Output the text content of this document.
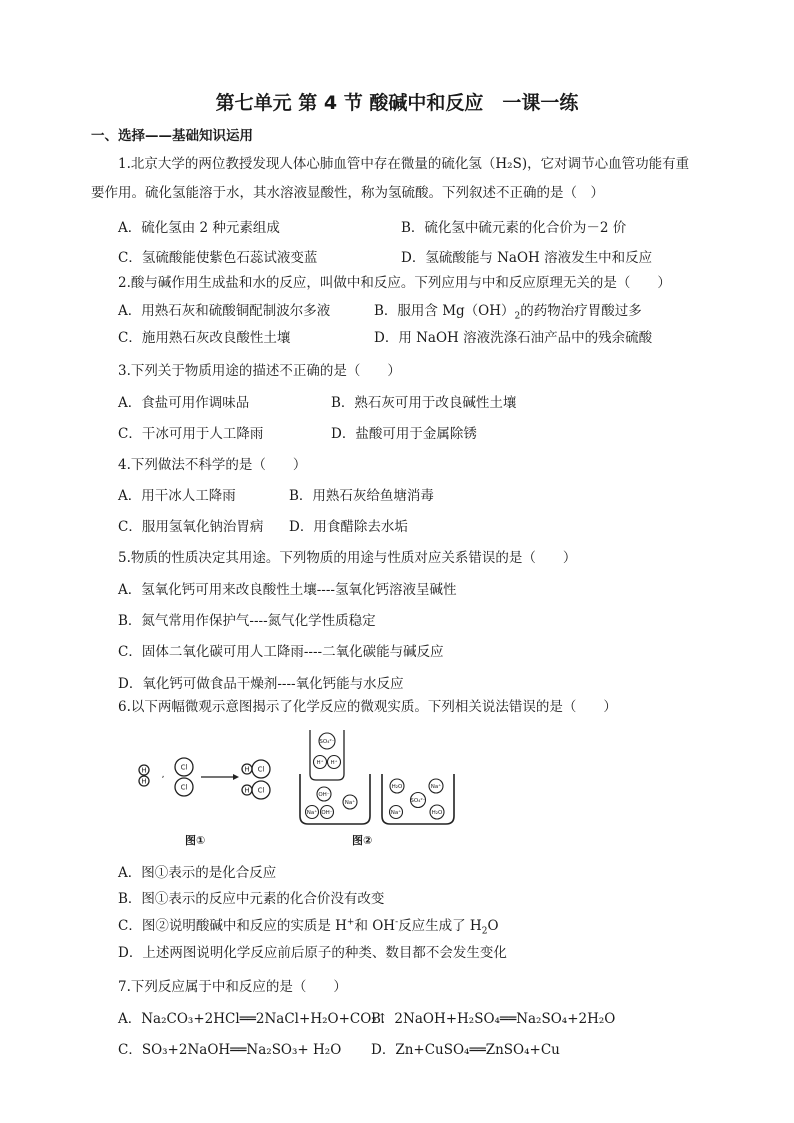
第七单元 第 4 节 酸碱中和反应　一课一练
一、选择——基础知识运用
1.北京大学的两位教授发现人体心肺血管中存在微量的硫化氢（H₂S)，它对调节心血管功能有重
要作用。硫化氢能溶于水，其水溶液显酸性，称为氢硫酸。下列叙述不正确的是（　）
A．硫化氢由 2 种元素组成	B．硫化氢中硫元素的化合价为－2 价
C．氢硫酸能使紫色石蕊试液变蓝	D．氢硫酸能与 NaOH 溶液发生中和反应
2.酸与碱作用生成盐和水的反应，叫做中和反应。下列应用与中和反应原理无关的是（　　）
A．用熟石灰和硫酸铜配制波尔多液	B．服用含 $Mg(OH)_2$的药物治疗胃酸过多
C．施用熟石灰改良酸性土壤	D．用 NaOH 溶液洗涤石油产品中的残余硫酸
3.下列关于物质用途的描述不正确的是（　　）
A．食盐可用作调味品	B．熟石灰可用于改良碱性土壤
C．干冰可用于人工降雨	D．盐酸可用于金属除锈
4.下列做法不科学的是（　　）
A．用干冰人工降雨	B．用熟石灰给鱼塘消毒
C．服用氢氧化钠治胃病 D．用食醋除去水垢
5.物质的性质决定其用途。下列物质的用途与性质对应关系错误的是（　　）
A．氢氧化钙可用来改良酸性土壤----氢氧化钙溶液呈碱性
B．氮气常用作保护气----氮气化学性质稳定
C．固体二氧化碳可用人工降雨----二氧化碳能与碱反应
D．氧化钙可做食品干燥剂----氧化钙能与水反应
6.以下两幅微观示意图揭示了化学反应的微观实质。下列相关说法错误的是（　　）
H
H
,
Cl
Cl
H Cl
H Cl
图①
SO₄²⁻
H⁺ H⁺
OH⁻
Na⁺ OH⁻
Na⁺
H₂O	Na⁺
SO₄²⁻
Na⁺	H₂O
图②
A．图①表示的是化合反应
B．图①表示的反应中元素的化合价没有改变
C．图②说明酸碱中和反应的实质是 H+和 OH-反应生成了 $H_2O$
D．上述两图说明化学反应前后原子的种类、数目都不会发生变化
7.下列反应属于中和反应的是（　　）
A．Na₂CO₃+2HCl══2NaCl+H₂O+CO₂↑
B．2NaOH+H₂SO₄══Na₂SO₄+2H₂O
C．SO₃+2NaOH══Na₂SO₃+ H₂O D．Zn+CuSO₄══ZnSO₄+Cu
